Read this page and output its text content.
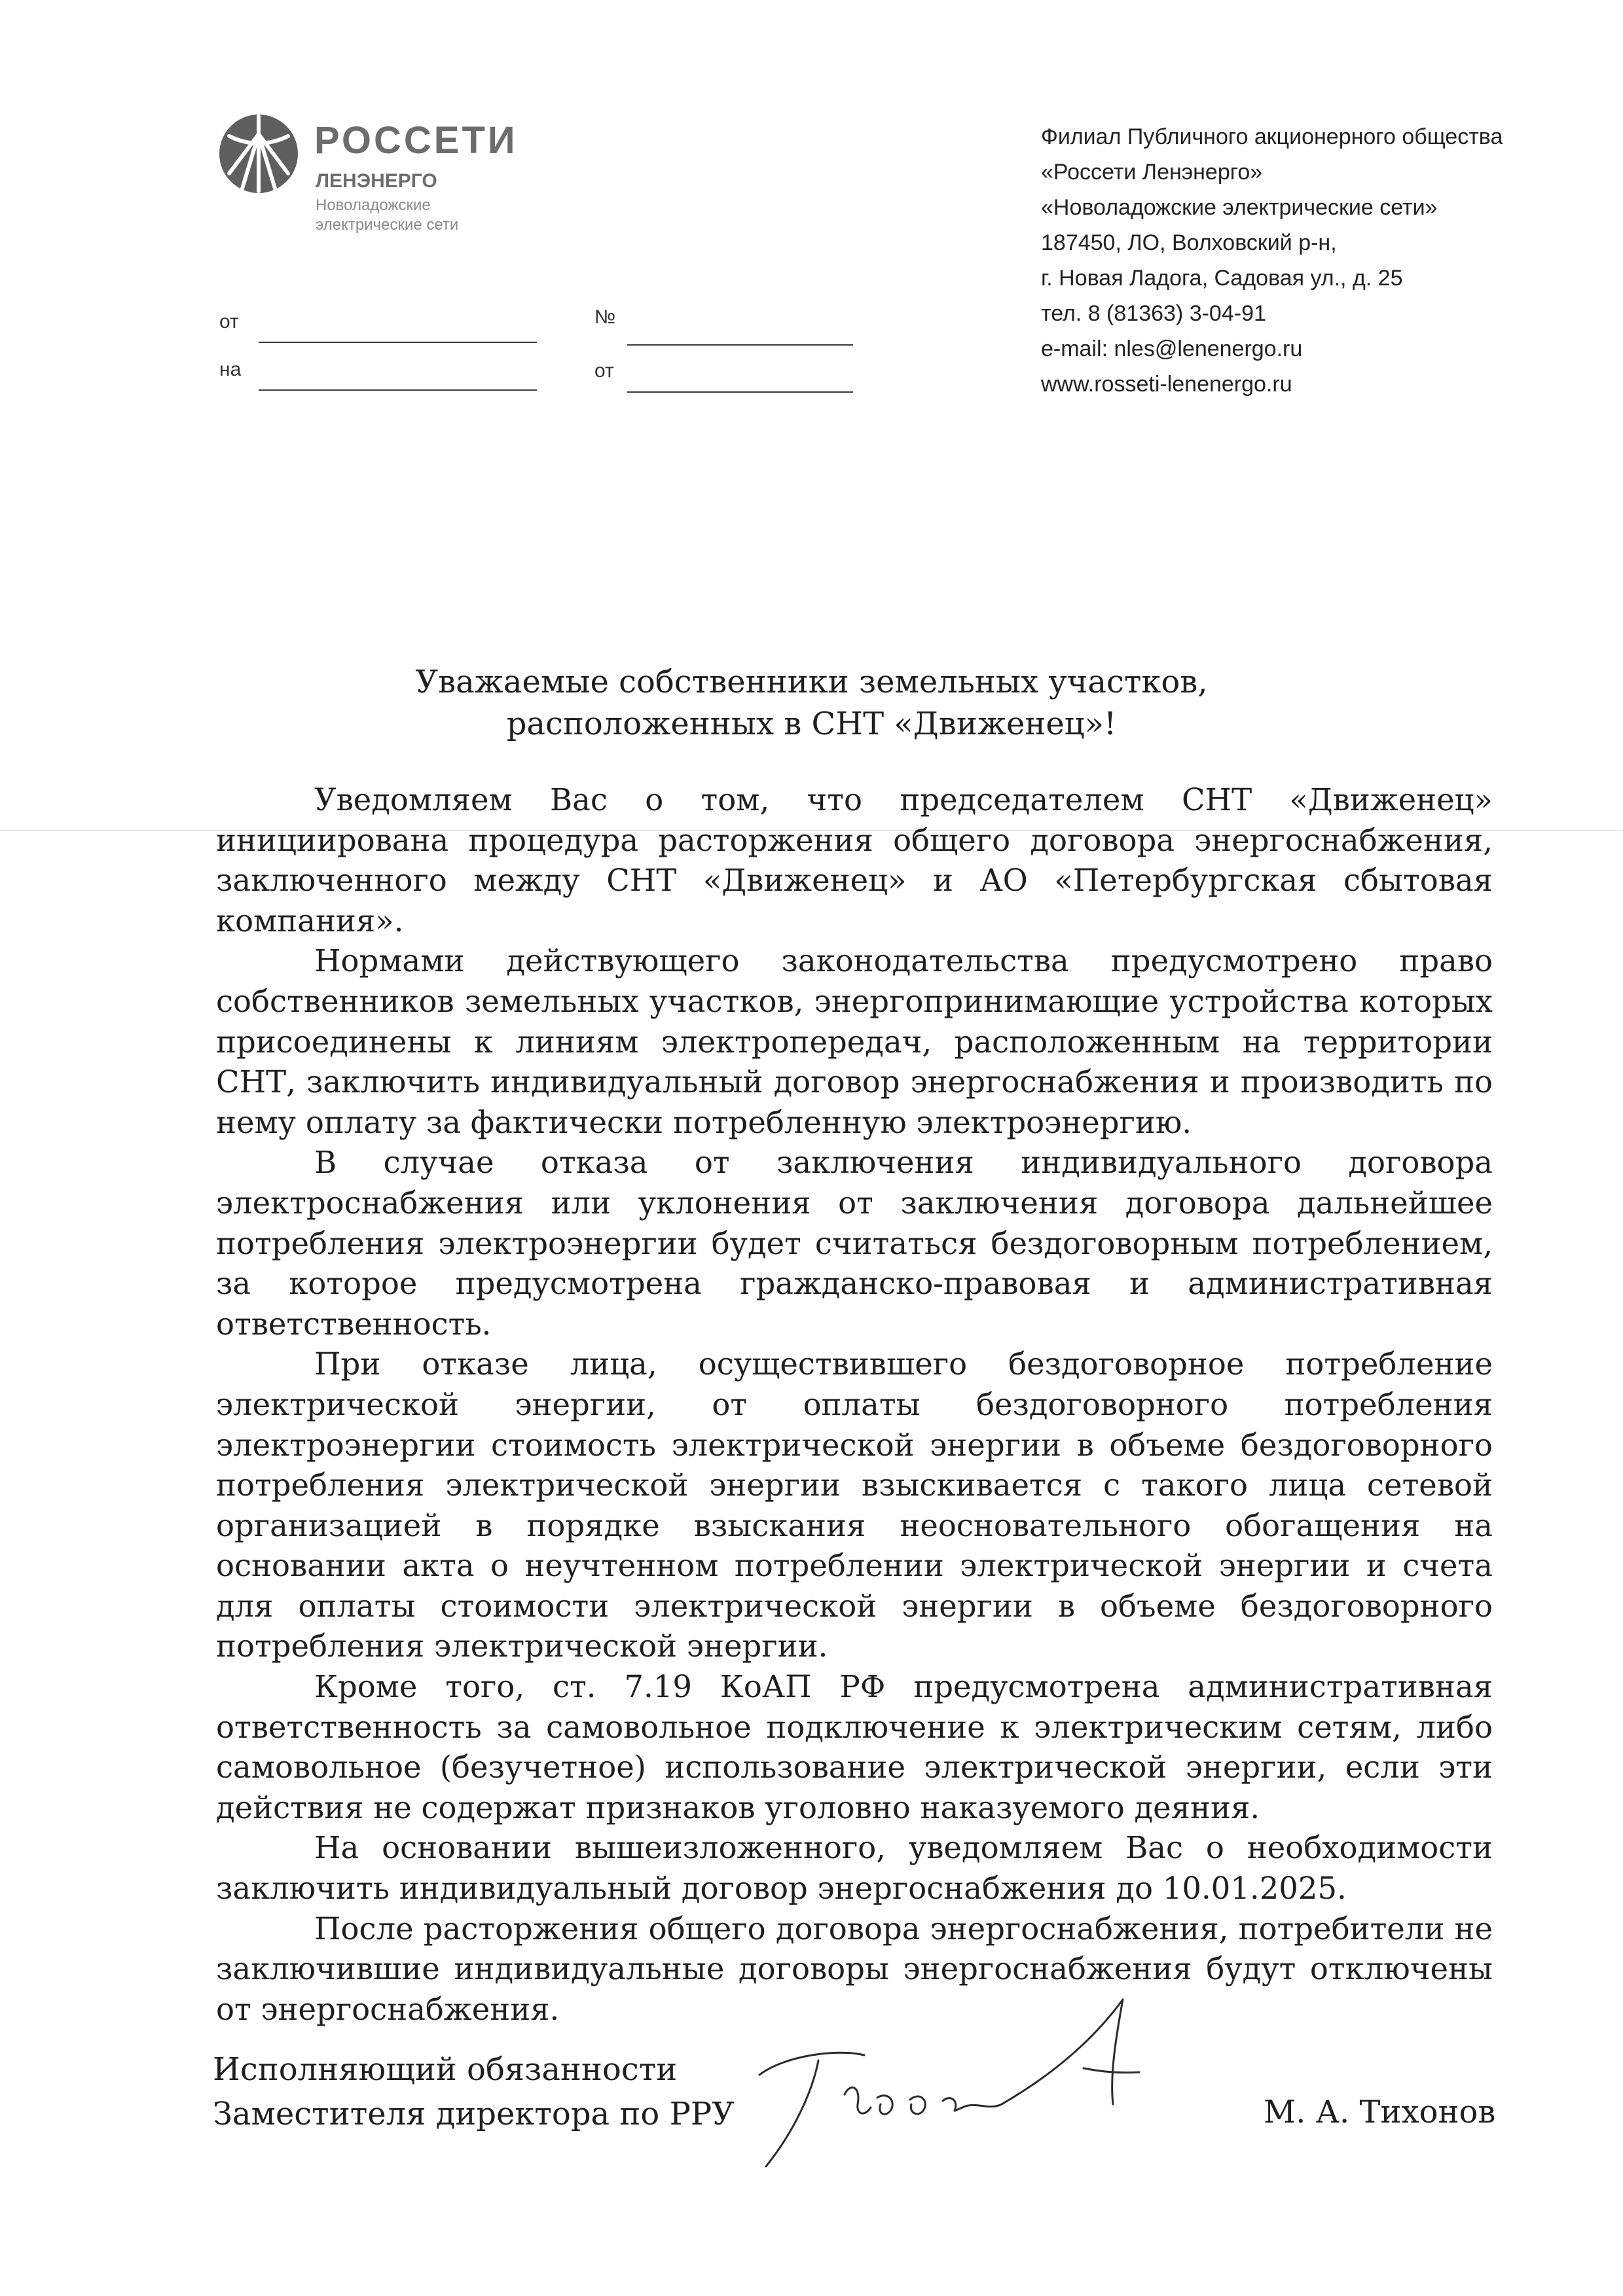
РОССЕТИ
ЛЕНЭНЕРГО
Новоладожские
электрические сети
от	№
на	от
Филиал Публичного акционерного общества
«Россети Ленэнерго»
«Новоладожские электрические сети»
187450, ЛО, Волховский р-н,
г. Новая Ладога, Садовая ул., д. 25
тел. 8 (81363) 3-04-91
e-mail: nles@lenenergo.ru
www.rosseti-lenenergo.ru
Уважаемые собственники земельных участков,
расположенных в СНТ «Движенец»!

Уведомляем Вас о том, что председателем СНТ «Движенец» инициирована процедура расторжения общего договора энергоснабжения, заключенного между СНТ «Движенец» и АО «Петербургская сбытовая компания».

Нормами действующего законодательства предусмотрено право собственников земельных участков, энергопринимающие устройства которых присоединены к линиям электропередач, расположенным на территории СНТ, заключить индивидуальный договор энергоснабжения и производить по нему оплату за фактически потребленную электроэнергию.

В случае отказа от заключения индивидуального договора электроснабжения или уклонения от заключения договора дальнейшее потребления электроэнергии будет считаться бездоговорным потреблением, за которое предусмотрена гражданско-правовая и административная ответственность.

При отказе лица, осуществившего бездоговорное потребление электрической энергии, от оплаты бездоговорного потребления электроэнергии стоимость электрической энергии в объеме бездоговорного потребления электрической энергии взыскивается с такого лица сетевой организацией в порядке взыскания неосновательного обогащения на основании акта о неучтенном потреблении электрической энергии и счета для оплаты стоимости электрической энергии в объеме бездоговорного потребления электрической энергии.

Кроме того, ст. 7.19 КоАП РФ предусмотрена административная ответственность за самовольное подключение к электрическим сетям, либо самовольное (безучетное) использование электрической энергии, если эти действия не содержат признаков уголовно наказуемого деяния.

На основании вышеизложенного, уведомляем Вас о необходимости заключить индивидуальный договор энергоснабжения до 10.01.2025.

После расторжения общего договора энергоснабжения, потребители не заключившие индивидуальные договоры энергоснабжения будут отключены от энергоснабжения.

Исполняющий обязанности
Заместителя директора по РРУ	М. А. Тихонов
